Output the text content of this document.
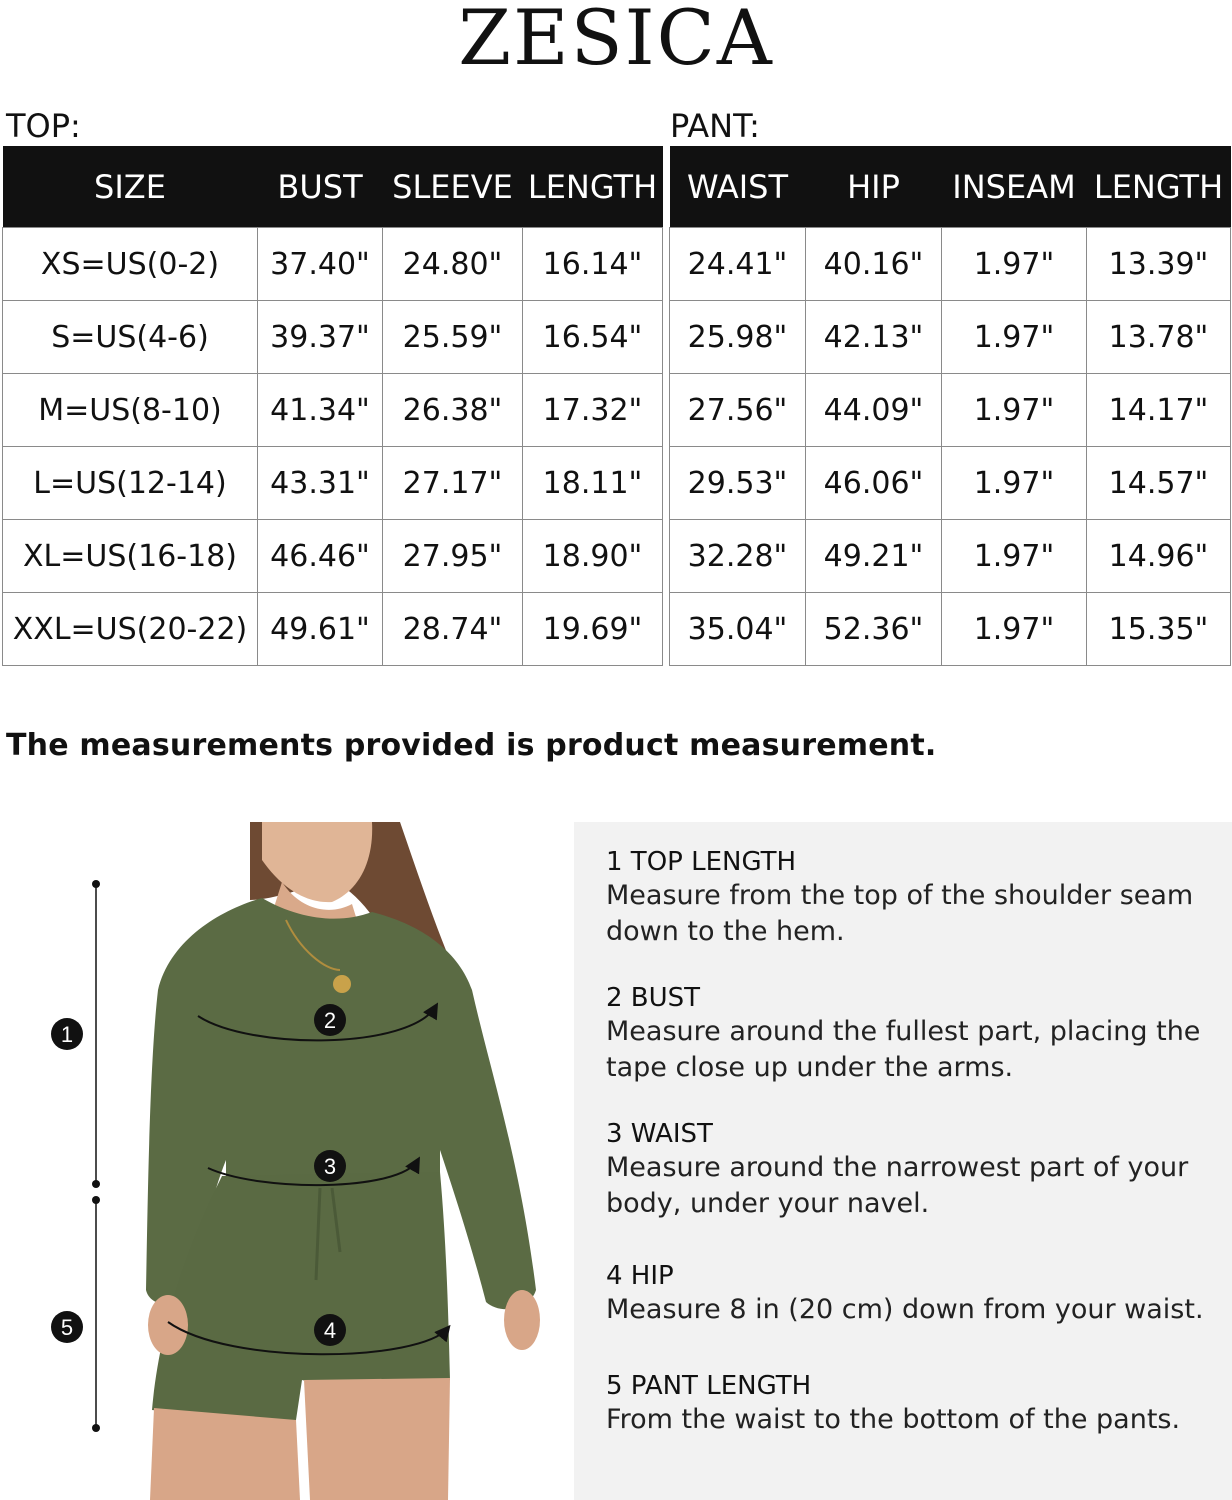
ZESICA
TOP:	PANT:
SIZE	BUST	SLEEVE	LENGTH
XS=US(0-2)	37.40"	24.80"	16.14"
S=US(4-6)	39.37"	25.59"	16.54"
M=US(8-10)	41.34"	26.38"	17.32"
L=US(12-14)	43.31"	27.17"	18.11"
XL=US(16-18)	46.46"	27.95"	18.90"
XXL=US(20-22)	49.61"	28.74"	19.69"
WAIST	HIP	INSEAM	LENGTH
24.41"	40.16"	1.97"	13.39"
25.98"	42.13"	1.97"	13.78"
27.56"	44.09"	1.97"	14.17"
29.53"	46.06"	1.97"	14.57"
32.28"	49.21"	1.97"	14.96"
35.04"	52.36"	1.97"	15.35"
The measurements provided is product measurement.
1
2
3
4
5
1 TOP LENGTH
Measure from the top of the shoulder seam down to the hem.
2 BUST
Measure around the fullest part, placing the tape close up under the arms.
3 WAIST
Measure around the narrowest part of your body, under your navel.
4 HIP
Measure 8 in (20 cm) down from your waist.
5 PANT LENGTH
From the waist to the bottom of the pants.
